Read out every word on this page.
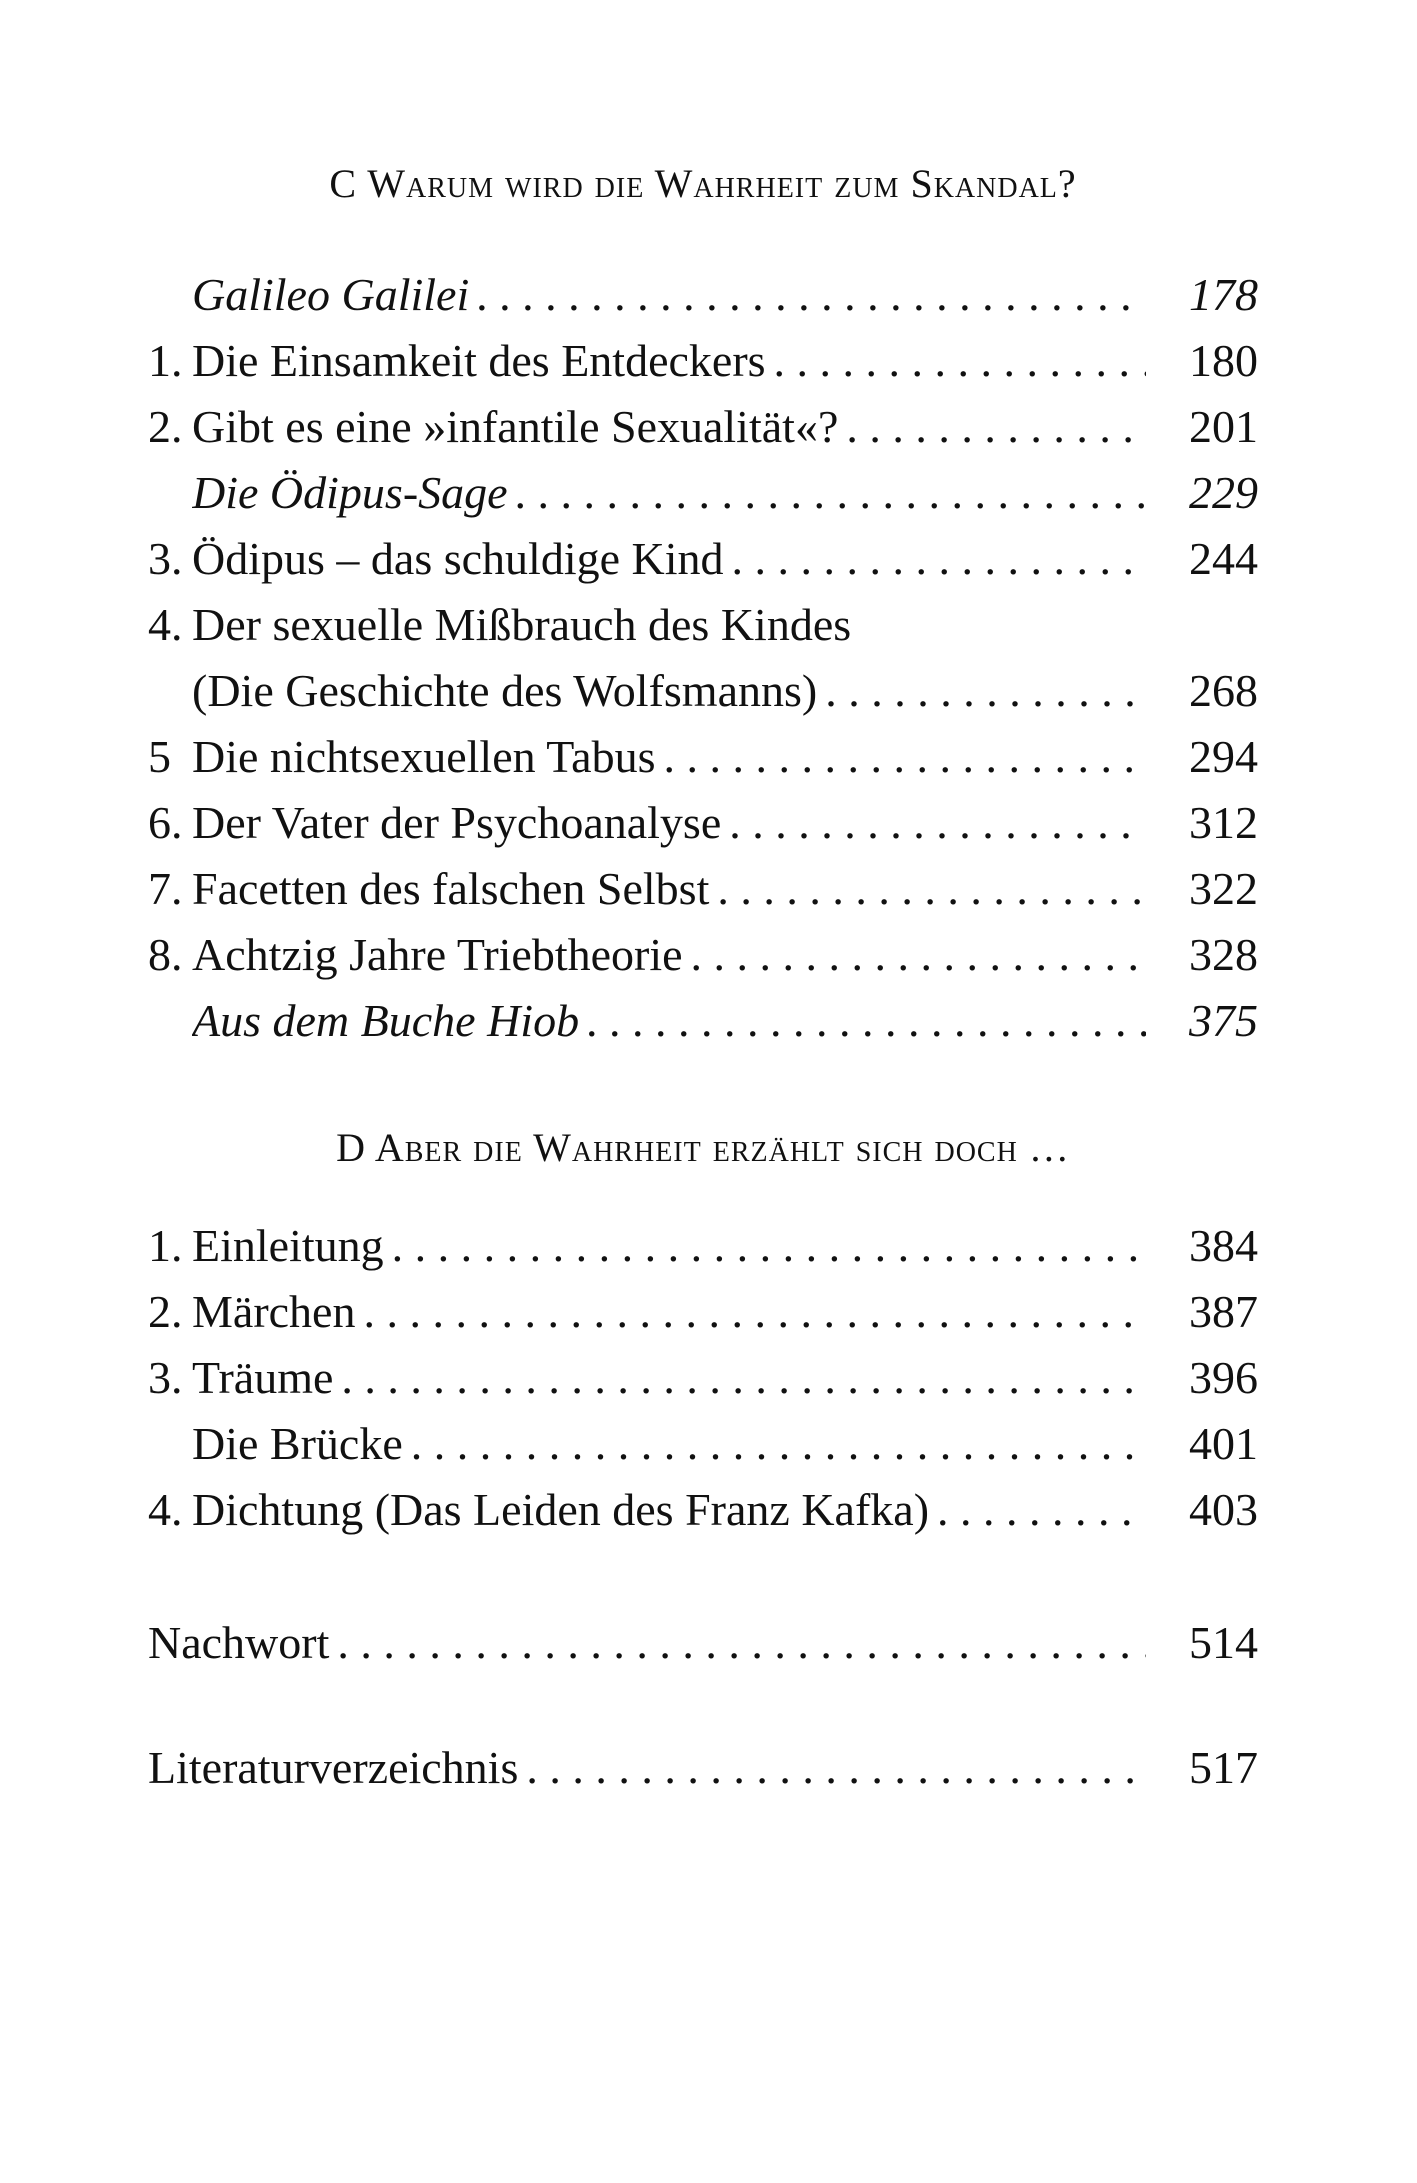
C Warum wird die Wahrheit zum Skandal?
Galileo Galilei . . .	178
1. Die Einsamkeit des Entdeckers . . .	180
2. Gibt es eine »infantile Sexualität«? . . .	201
Die Ödipus-Sage . . .	229
3. Ödipus – das schuldige Kind . . .	244
4. Der sexuelle Mißbrauch des Kindes
(Die Geschichte des Wolfsmanns) . . .	268
5 Die nichtsexuellen Tabus . . .	294
6. Der Vater der Psychoanalyse . . .	312
7. Facetten des falschen Selbst . . .	322
8. Achtzig Jahre Triebtheorie . . .	328
Aus dem Buche Hiob . . .	375
D Aber die Wahrheit erzählt sich doch …
1. Einleitung . . .	384
2. Märchen . . .	387
3. Träume . . .	396
Die Brücke . . .	401
4. Dichtung (Das Leiden des Franz Kafka) . . .	403
Nachwort . . .	514
Literaturverzeichnis . . .	517
